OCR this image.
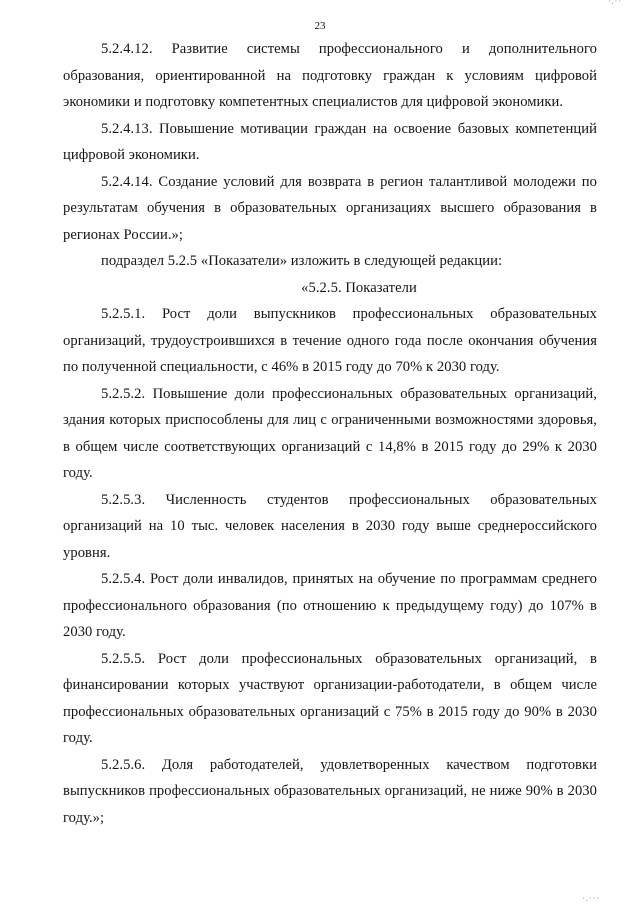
·.··
23

5.2.4.12. Развитие системы профессионального и дополнительного образования, ориентированной на подготовку граждан к условиям цифровой экономики и подготовку компетентных специалистов для цифровой экономики.

5.2.4.13. Повышение мотивации граждан на освоение базовых компетенций цифровой экономики.

5.2.4.14. Создание условий для возврата в регион талантливой молодежи по результатам обучения в образовательных организациях высшего образования в регионах России.»;

подраздел 5.2.5 «Показатели» изложить в следующей редакции:

«5.2.5. Показатели

5.2.5.1. Рост доли выпускников профессиональных образовательных организаций, трудоустроившихся в течение одного года после окончания обучения по полученной специальности, с 46% в 2015 году до 70% к 2030 году.

5.2.5.2. Повышение доли профессиональных образовательных организаций, здания которых приспособлены для лиц с ограниченными возможностями здоровья, в общем числе соответствующих организаций с 14,8% в 2015 году до 29% к 2030 году.

5.2.5.3. Численность студентов профессиональных образовательных организаций на 10 тыс. человек населения в 2030 году выше среднероссийского уровня.

5.2.5.4. Рост доли инвалидов, принятых на обучение по программам среднего профессионального образования (по отношению к предыдущему году) до 107% в 2030 году.

5.2.5.5. Рост доли профессиональных образовательных организаций, в финансировании которых участвуют организации-работодатели, в общем числе профессиональных образовательных организаций с 75% в 2015 году до 90% в 2030 году.

5.2.5.6. Доля работодателей, удовлетворенных качеством подготовки выпускников профессиональных образовательных организаций, не ниже 90% в 2030 году.»;

·.···
